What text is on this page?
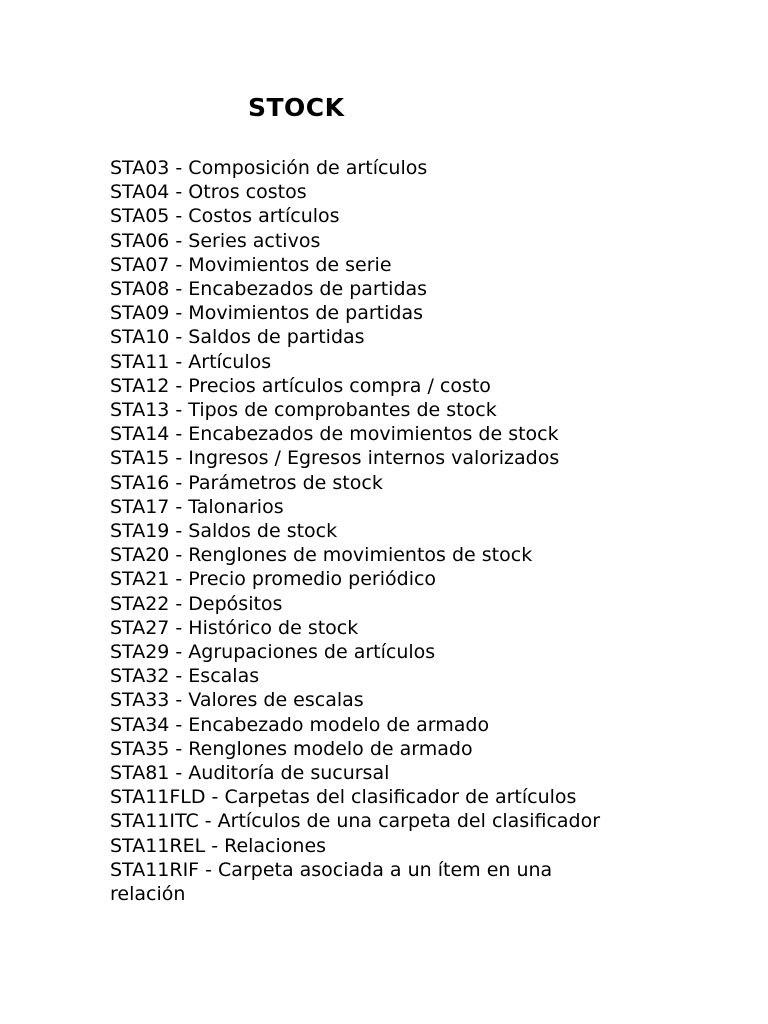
STOCK
STA03 - Composición de artículos
STA04 - Otros costos
STA05 - Costos artículos
STA06 - Series activos
STA07 - Movimientos de serie
STA08 - Encabezados de partidas
STA09 - Movimientos de partidas
STA10 - Saldos de partidas
STA11 - Artículos
STA12 - Precios artículos compra / costo
STA13 - Tipos de comprobantes de stock
STA14 - Encabezados de movimientos de stock
STA15 - Ingresos / Egresos internos valorizados
STA16 - Parámetros de stock
STA17 - Talonarios
STA19 - Saldos de stock
STA20 - Renglones de movimientos de stock
STA21 - Precio promedio periódico
STA22 - Depósitos
STA27 - Histórico de stock
STA29 - Agrupaciones de artículos
STA32 - Escalas
STA33 - Valores de escalas
STA34 - Encabezado modelo de armado
STA35 - Renglones modelo de armado
STA81 - Auditoría de sucursal
STA11FLD - Carpetas del clasificador de artículos
STA11ITC - Artículos de una carpeta del clasificador
STA11REL - Relaciones
STA11RIF - Carpeta asociada a un ítem en una relación
